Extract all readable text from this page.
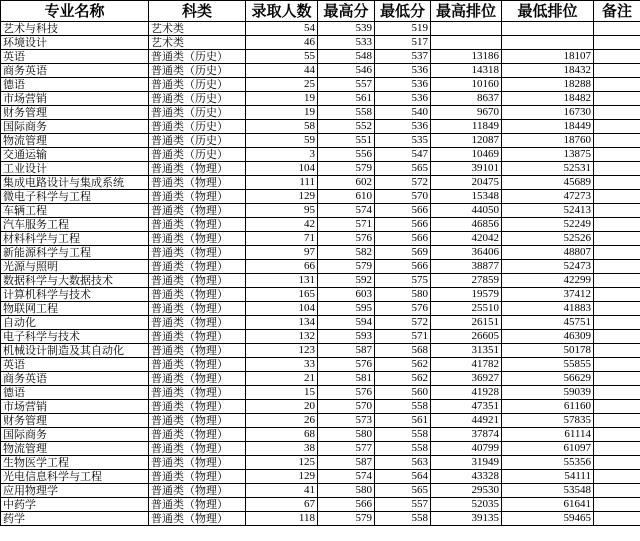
专业名称	科类	录取人数	最高分	最低分	最高排位	最低排位	备注
艺术与科技	艺术类	54	539	519			
环境设计	艺术类	46	533	517			
英语	普通类（历史）	55	548	537	13186	18107	
商务英语	普通类（历史）	44	546	536	14318	18432	
德语	普通类（历史）	25	557	536	10160	18288	
市场营销	普通类（历史）	19	561	536	8637	18482	
财务管理	普通类（历史）	19	558	540	9670	16730	
国际商务	普通类（历史）	58	552	536	11849	18449	
物流管理	普通类（历史）	59	551	535	12087	18760	
交通运输	普通类（历史）	3	556	547	10469	13875	
工业设计	普通类（物理）	104	579	565	39101	52531	
集成电路设计与集成系统	普通类（物理）	111	602	572	20475	45689	
微电子科学与工程	普通类（物理）	129	610	570	15348	47273	
车辆工程	普通类（物理）	95	574	566	44050	52413	
汽车服务工程	普通类（物理）	42	571	566	46856	52249	
材料科学与工程	普通类（物理）	71	576	566	42042	52526	
新能源科学与工程	普通类（物理）	97	582	569	36406	48807	
光源与照明	普通类（物理）	66	579	566	38877	52473	
数据科学与大数据技术	普通类（物理）	131	592	575	27859	42299	
计算机科学与技术	普通类（物理）	165	603	580	19579	37412	
物联网工程	普通类（物理）	104	595	576	25510	41883	
自动化	普通类（物理）	134	594	572	26151	45751	
电子科学与技术	普通类（物理）	132	593	571	26605	46309	
机械设计制造及其自动化	普通类（物理）	123	587	568	31351	50178	
英语	普通类（物理）	33	576	562	41782	55855	
商务英语	普通类（物理）	21	581	562	36927	56629	
德语	普通类（物理）	15	576	560	41928	59039	
市场营销	普通类（物理）	20	570	558	47351	61160	
财务管理	普通类（物理）	26	573	561	44921	57835	
国际商务	普通类（物理）	68	580	558	37874	61114	
物流管理	普通类（物理）	38	577	558	40799	61097	
生物医学工程	普通类（物理）	125	587	563	31949	55356	
光电信息科学与工程	普通类（物理）	129	574	564	43328	54111	
应用物理学	普通类（物理）	41	580	565	29530	53548	
中药学	普通类（物理）	67	566	557	52035	61641	
药学	普通类（物理）	118	579	558	39135	59465	
